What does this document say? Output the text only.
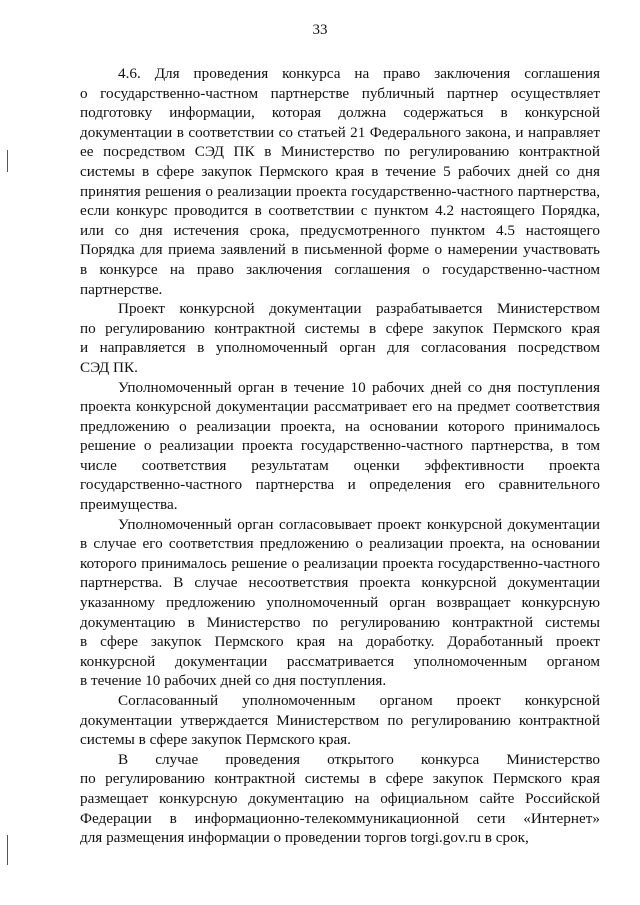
33
4.6. Для проведения конкурса на право заключения соглашения
о государственно-частном партнерстве публичный партнер осуществляет
подготовку информации, которая должна содержаться в конкурсной
документации в соответствии со статьей 21 Федерального закона, и направляет
ее посредством СЭД ПК в Министерство по регулированию контрактной
системы в сфере закупок Пермского края в течение 5 рабочих дней со дня
принятия решения о реализации проекта государственно-частного партнерства,
если конкурс проводится в соответствии с пунктом 4.2 настоящего Порядка,
или со дня истечения срока, предусмотренного пунктом 4.5 настоящего
Порядка для приема заявлений в письменной форме о намерении участвовать
в конкурсе на право заключения соглашения о государственно-частном
партнерстве.
Проект конкурсной документации разрабатывается Министерством
по регулированию контрактной системы в сфере закупок Пермского края
и направляется в уполномоченный орган для согласования посредством
СЭД ПК.
Уполномоченный орган в течение 10 рабочих дней со дня поступления
проекта конкурсной документации рассматривает его на предмет соответствия
предложению о реализации проекта, на основании которого принималось
решение о реализации проекта государственно-частного партнерства, в том
числе соответствия результатам оценки эффективности проекта
государственно-частного партнерства и определения его сравнительного
преимущества.
Уполномоченный орган согласовывает проект конкурсной документации
в случае его соответствия предложению о реализации проекта, на основании
которого принималось решение о реализации проекта государственно-частного
партнерства. В случае несоответствия проекта конкурсной документации
указанному предложению уполномоченный орган возвращает конкурсную
документацию в Министерство по регулированию контрактной системы
в сфере закупок Пермского края на доработку. Доработанный проект
конкурсной документации рассматривается уполномоченным органом
в течение 10 рабочих дней со дня поступления.
Согласованный уполномоченным органом проект конкурсной
документации утверждается Министерством по регулированию контрактной
системы в сфере закупок Пермского края.
В случае проведения открытого конкурса Министерство
по регулированию контрактной системы в сфере закупок Пермского края
размещает конкурсную документацию на официальном сайте Российской
Федерации в информационно-телекоммуникационной сети «Интернет»
для размещения информации о проведении торгов torgi.gov.ru в срок,
